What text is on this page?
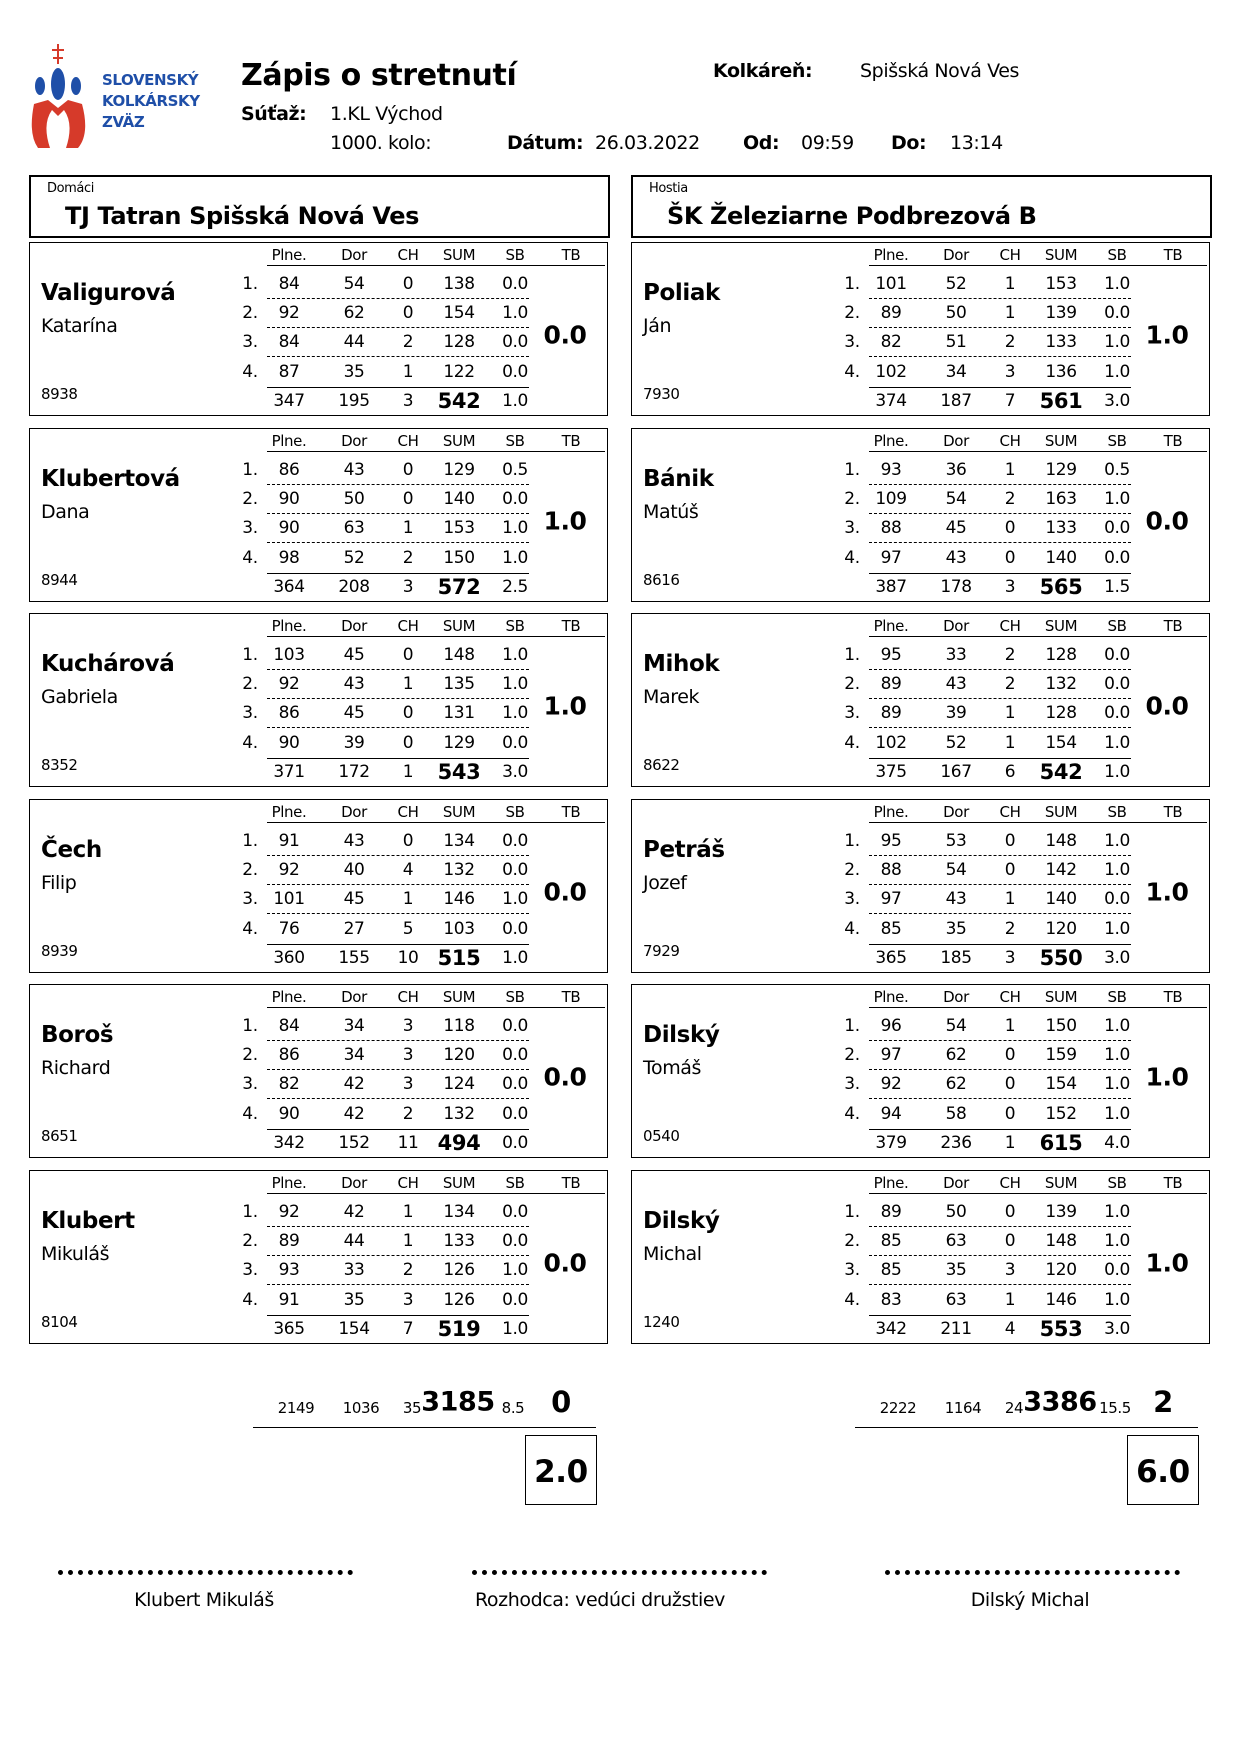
SLOVENSKÝ
KOLKÁRSKY
ZVÄZ
Zápis o stretnutí	Kolkáreň:	Spišská Nová Ves
Súťaž: 1.KL Východ
1000. kolo:	Dátum: 26.03.2022 Od: 09:59 Do: 13:14
Domáci
TJ Tatran Spišská Nová Ves
Hostia
ŠK Železiarne Podbrezová B
Plne. Dor CH SUM SB TB
Valigurová
Katarína
8938
1. 84	54 0 138 0.0
2. 92	62 0 154 1.0
3. 84	44 2 128 0.0
4. 87	35 1 122 0.0
347 195 3 542 1.0
0.0
Plne. Dor CH SUM SB TB
Klubertová
Dana
8944
1. 86	43 0 129 0.5
2. 90	50 0 140 0.0
3. 90	63 1 153 1.0
4. 98	52 2 150 1.0
364 208 3 572 2.5
1.0
Plne. Dor CH SUM SB TB
Kuchárová
Gabriela
8352
1. 103 45 0 148 1.0
2. 92	43 1 135 1.0
3. 86	45 0 131 1.0
4. 90	39 0 129 0.0
371 172 1 543 3.0
1.0
Plne. Dor CH SUM SB TB
Čech
Filip
8939
1. 91	43 0 134 0.0
2. 92	40 4 132 0.0
3. 101 45 1 146 1.0
4. 76	27 5 103 0.0
360 155 10 515 1.0
0.0
Plne. Dor CH SUM SB TB
Boroš
Richard
8651
1. 84	34 3 118 0.0
2. 86	34 3 120 0.0
3. 82	42 3 124 0.0
4. 90	42 2 132 0.0
342 152 11 494 0.0
0.0
Plne. Dor CH SUM SB TB
Klubert
Mikuláš
8104
1. 92	42 1 134 0.0
2. 89	44 1 133 0.0
3. 93	33 2 126 1.0
4. 91	35 3 126 0.0
365 154 7 519 1.0
0.0
Plne. Dor CH SUM SB TB
Poliak
Ján
7930
1. 101 52 1 153 1.0
2. 89	50 1 139 0.0
3. 82	51 2 133 1.0
4. 102 34 3 136 1.0
374 187 7 561 3.0
1.0
Plne. Dor CH SUM SB TB
Bánik
Matúš
8616
1. 93	36 1 129 0.5
2. 109 54 2 163 1.0
3. 88	45 0 133 0.0
4. 97	43 0 140 0.0
387 178 3 565 1.5
0.0
Plne. Dor CH SUM SB TB
Mihok
Marek
8622
1. 95	33 2 128 0.0
2. 89	43 2 132 0.0
3. 89	39 1 128 0.0
4. 102 52 1 154 1.0
375 167 6 542 1.0
0.0
Plne. Dor CH SUM SB TB
Petráš
Jozef
7929
1. 95	53 0 148 1.0
2. 88	54 0 142 1.0
3. 97	43 1 140 0.0
4. 85	35 2 120 1.0
365 185 3 550 3.0
1.0
Plne. Dor CH SUM SB TB
Dilský
Tomáš
0540
1. 96	54 1 150 1.0
2. 97	62 0 159 1.0
3. 92	62 0 154 1.0
4. 94	58 0 152 1.0
379 236 1 615 4.0
1.0
Plne. Dor CH SUM SB TB
Dilský
Michal
1240
1. 89	50 0 139 1.0
2. 85	63 0 148 1.0
3. 85	35 3 120 0.0
4. 83	63 1 146 1.0
342 211 4 553 3.0
1.0
2149 1036 35	8.5
3185 0
2.0
2222 1164 24	15.5
3386 2
6.0
Klubert Mikuláš	Rozhodca: vedúci družstiev	Dilský Michal
